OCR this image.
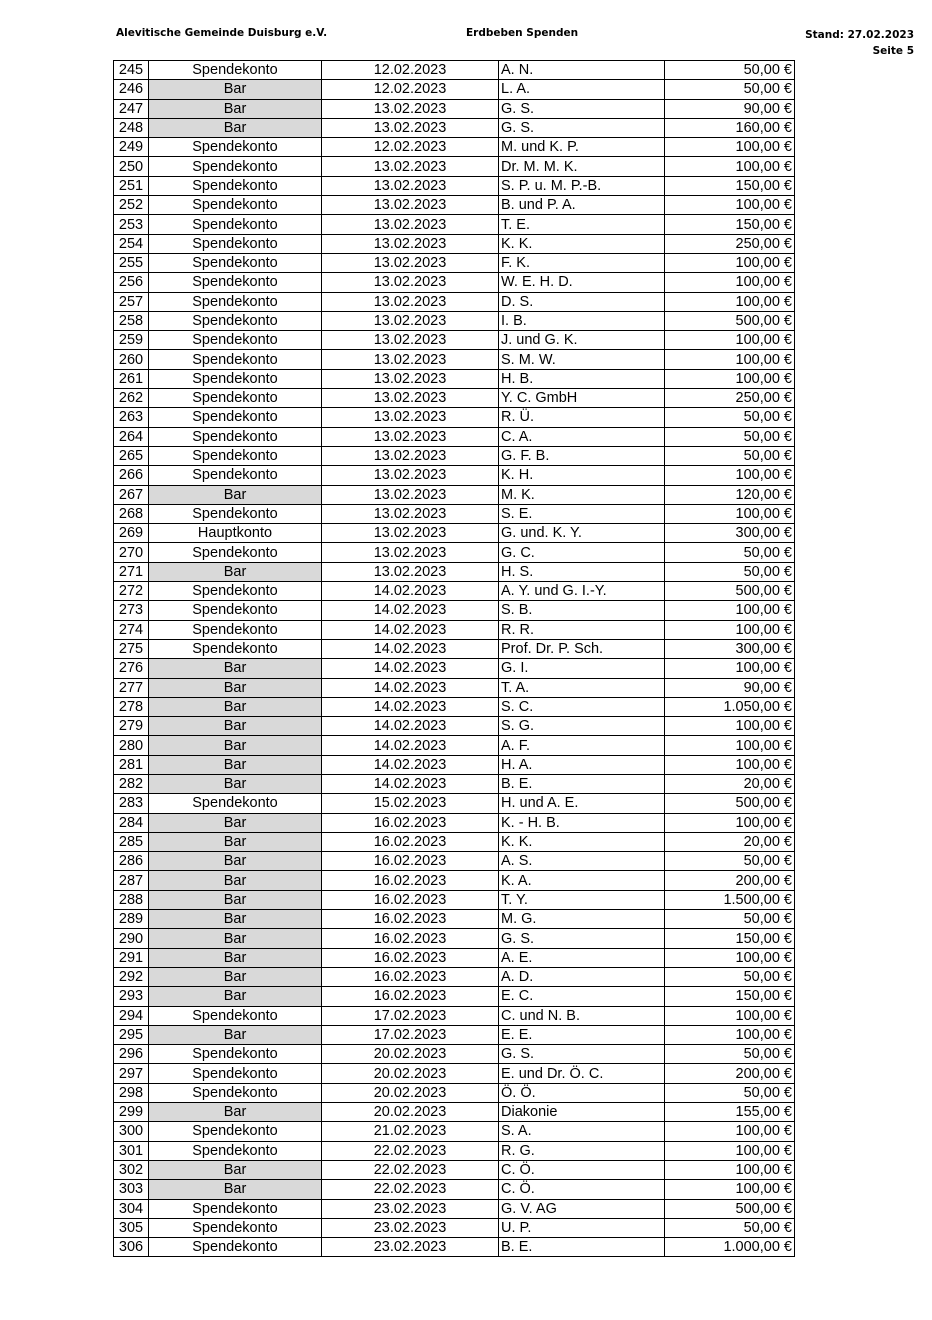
Alevitische Gemeinde Duisburg e.V.	Erdbeben Spenden	Stand: 27.02.2023
Seite 5
245	Spendekonto	12.02.2023	A. N.	50,00 €
246	Bar	12.02.2023	L. A.	50,00 €
247	Bar	13.02.2023	G. S.	90,00 €
248	Bar	13.02.2023	G. S.	160,00 €
249	Spendekonto	12.02.2023	M. und K. P.	100,00 €
250	Spendekonto	13.02.2023	Dr. M. M. K.	100,00 €
251	Spendekonto	13.02.2023	S. P. u. M. P.-B.	150,00 €
252	Spendekonto	13.02.2023	B. und P. A.	100,00 €
253	Spendekonto	13.02.2023	T. E.	150,00 €
254	Spendekonto	13.02.2023	K. K.	250,00 €
255	Spendekonto	13.02.2023	F. K.	100,00 €
256	Spendekonto	13.02.2023	W. E. H. D.	100,00 €
257	Spendekonto	13.02.2023	D. S.	100,00 €
258	Spendekonto	13.02.2023	I. B.	500,00 €
259	Spendekonto	13.02.2023	J. und G. K.	100,00 €
260	Spendekonto	13.02.2023	S. M. W.	100,00 €
261	Spendekonto	13.02.2023	H. B.	100,00 €
262	Spendekonto	13.02.2023	Y. C. GmbH	250,00 €
263	Spendekonto	13.02.2023	R. Ü.	50,00 €
264	Spendekonto	13.02.2023	C. A.	50,00 €
265	Spendekonto	13.02.2023	G. F. B.	50,00 €
266	Spendekonto	13.02.2023	K. H.	100,00 €
267	Bar	13.02.2023	M. K.	120,00 €
268	Spendekonto	13.02.2023	S. E.	100,00 €
269	Hauptkonto	13.02.2023	G. und. K. Y.	300,00 €
270	Spendekonto	13.02.2023	G. C.	50,00 €
271	Bar	13.02.2023	H. S.	50,00 €
272	Spendekonto	14.02.2023	A. Y. und G. I.-Y.	500,00 €
273	Spendekonto	14.02.2023	S. B.	100,00 €
274	Spendekonto	14.02.2023	R. R.	100,00 €
275	Spendekonto	14.02.2023	Prof. Dr. P. Sch.	300,00 €
276	Bar	14.02.2023	G. I.	100,00 €
277	Bar	14.02.2023	T. A.	90,00 €
278	Bar	14.02.2023	S. C.	1.050,00 €
279	Bar	14.02.2023	S. G.	100,00 €
280	Bar	14.02.2023	A. F.	100,00 €
281	Bar	14.02.2023	H. A.	100,00 €
282	Bar	14.02.2023	B. E.	20,00 €
283	Spendekonto	15.02.2023	H. und A. E.	500,00 €
284	Bar	16.02.2023	K. - H. B.	100,00 €
285	Bar	16.02.2023	K. K.	20,00 €
286	Bar	16.02.2023	A. S.	50,00 €
287	Bar	16.02.2023	K. A.	200,00 €
288	Bar	16.02.2023	T. Y.	1.500,00 €
289	Bar	16.02.2023	M. G.	50,00 €
290	Bar	16.02.2023	G. S.	150,00 €
291	Bar	16.02.2023	A. E.	100,00 €
292	Bar	16.02.2023	A. D.	50,00 €
293	Bar	16.02.2023	E. C.	150,00 €
294	Spendekonto	17.02.2023	C. und N. B.	100,00 €
295	Bar	17.02.2023	E. E.	100,00 €
296	Spendekonto	20.02.2023	G. S.	50,00 €
297	Spendekonto	20.02.2023	E. und Dr. Ö. C.	200,00 €
298	Spendekonto	20.02.2023	Ö. Ö.	50,00 €
299	Bar	20.02.2023	Diakonie	155,00 €
300	Spendekonto	21.02.2023	S. A.	100,00 €
301	Spendekonto	22.02.2023	R. G.	100,00 €
302	Bar	22.02.2023	C. Ö.	100,00 €
303	Bar	22.02.2023	C. Ö.	100,00 €
304	Spendekonto	23.02.2023	G. V. AG	500,00 €
305	Spendekonto	23.02.2023	U. P.	50,00 €
306	Spendekonto	23.02.2023	B. E.	1.000,00 €
